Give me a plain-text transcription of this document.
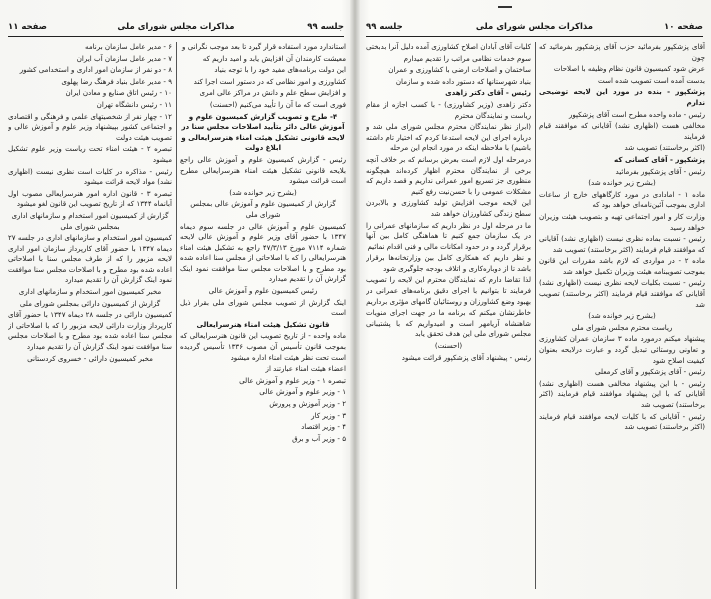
جلسه ۹۹
مذاکرات مجلس شورای ملی
صفحه ۱۱

استاندارد مورد استفاده قرار گیرد تا بعد موجب نگرانی و

معیشت کارمندان آن افزایش یابد و امید داریم که

این دولت برنامه‌های مفید خود را با توجه بنیاد

کشاورزی و امور نظامی که در دستور است اجرا کند

و افزایش سطح علم و دانش در مراکز عالی امری

فوری است که ما آن را تأیید می‌کنیم (احسنت)

۴- طرح و تصویب گزارش کمیسیون علوم و آموزش عالی دائر بتأیید اصلاحات مجلس سنا در لایحه قانونی تشکیل هیئت امناء هنرسرایعالی و ابلاغ دولت

رئیس - گزارش کمیسیون علوم و آموزش عالی راجع بلایحه قانونی تشکیل هیئت امناء هنرسرایعالی مطرح است قرائت میشود

(بشرح زیر خوانده شد)

گزارش از کمیسیون علوم و آموزش عالی بمجلس شورای ملی

کمیسیون علوم و آموزش عالی در جلسه سوم دیماه ۱۳۴۷ با حضور آقای وزیر علوم و آموزش عالی لایحه شماره ۷۱۱۴ مورخ ۴۷/۳/۱۳ راجع به تشکیل هیئت امناء هنرسرایعالی را که با اصلاحاتی از مجلس سنا اعاده شده بود مطرح و با اصلاحات مجلس سنا موافقت نمود اینک گزارش آن را تقدیم میدارد

رئیس کمیسیون علوم و آموزش عالی

اینک گزارش از تصویب مجلس شورای ملی بقرار ذیل است

قانون تشکیل هیئت امناء هنرسرایعالی

ماده واحده - از تاریخ تصویب این قانون هنرسرایعالی که بموجب قانون تأسیس آن مصوب ۱۳۳۶ تأسیس گردیده است تحت نظر هیئت امناء اداره میشود

اعضاء هیئت امناء عبارتند از

تبصره ۱ - وزیر علوم و آموزش عالی

۱ - وزیر علوم و آموزش عالی

۲ - وزیر آموزش و پرورش

۳ - وزیر کار

۴ - وزیر اقتصاد

۵ - وزیر آب و برق

۶ - مدیر عامل سازمان برنامه

۷ - مدیر عامل سازمان آب ایران

۸ - دو نفر از سازمان امور اداری و استخدامی کشور

۹ - مدیر عامل بنیاد فرهنگ رضا پهلوی

۱۰ - رئیس اتاق صنایع و معادن ایران

۱۱ - رئیس دانشگاه تهران

۱۲ - چهار نفر از شخصیتهای علمی و فرهنگی و اقتصادی و اجتماعی کشور بپیشنهاد وزیر علوم و آموزش عالی و تصویب هیئت دولت

تبصره ۲ - هیئت امناء تحت ریاست وزیر علوم تشکیل میشود

رئیس - مذاکره در کلیات است نظری نیست (اظهاری نشد) مواد لایحه قرائت میشود

تبصره ۳ - قانون اداره امور هنرسرایعالی مصوب اول آبانماه ۱۳۴۴ که از تاریخ تصویب این قانون لغو میشود

گزارش از کمیسیون امور استخدام و سازمانهای اداری بمجلس شورای ملی

کمیسیون امور استخدام و سازمانهای اداری در جلسه ۲۷ دیماه ۱۳۴۷ با حضور آقای کارپرداز سازمان امور اداری لایحه مزبور را که از طرف مجلس سنا با اصلاحاتی اعاده شده بود مطرح و با اصلاحات مجلس سنا موافقت نمود اینک گزارش آن را تقدیم میدارد

مخبر کمیسیون امور استخدام و سازمانهای اداری

گزارش از کمیسیون دارائی بمجلس شورای ملی

کمیسیون دارائی در جلسه ۲۸ دیماه ۱۳۴۷ با حضور آقای کارپرداز وزارت دارائی لایحه مزبور را که با اصلاحاتی از مجلس سنا اعاده شده بود مطرح و با اصلاحات مجلس سنا موافقت نمود اینک گزارش آن را تقدیم میدارد

مخبر کمیسیون دارائی - خسروی کردستانی

صفحه ۱۰
مذاکرات مجلس شورای ملی
جلسه ۹۹

آقای پزشکپور بفرمائید حزب آقای پزشکپور بفرمائید که چون

عرض شود کمیسیون قانون نظام وظیفه با اصلاحات

بدست آمده است تصویب شده است

پزشکپور - بنده در مورد این لایحه توضیحی ندارم

رئیس - ماده واحده مطرح است آقای پزشکپور

مخالفی هست (اظهاری نشد) آقایانی که موافقند قیام فرمایند

(اکثر برخاستند) تصویب شد

پزشکپور - آقای کسانی که

رئیس - آقای پزشکپور بفرمائید

(بشرح زیر خوانده شد)

ماده ۱ - امادادی در مورد کارگاههای خارج از ساعات اداری بموجب آئین‌نامه‌ای خواهد بود که

وزارت کار و امور اجتماعی تهیه و بتصویب هیئت وزیران خواهد رسید

رئیس - نسبت بماده نظری نیست (اظهاری نشد) آقایانی که موافقند قیام فرمایند (اکثر برخاستند) تصویب شد

ماده ۲ - در مواردی که لازم باشد مقررات این قانون بموجب تصویبنامه هیئت وزیران تکمیل خواهد شد

رئیس - نسبت بکلیات لایحه نظری نیست (اظهاری نشد) آقایانی که موافقند قیام فرمایند (اکثر برخاستند) تصویب شد

(بشرح زیر خوانده شد)

ریاست محترم مجلس شورای ملی

پیشنهاد میکنم درمورد ماده ۳ سازمان عمران کشاورزی و تعاونی روستائی تبدیل گردد و عبارت درلایحه بعنوان کیفیت اصلاح شود

رئیس - آقای پزشکپور و آقای کرمعلی

رئیس - با این پیشنهاد مخالفی هست (اظهاری نشد) آقایانی که با این پیشنهاد موافقند قیام فرمایند (اکثر برخاستند) تصویب شد

رئیس - آقایانی که با کلیات لایحه موافقند قیام فرمایند (اکثر برخاستند) تصویب شد

کلیات آقای آبادان اصلاح کشاورزی آمده دلیل آنرا بدبختی

سوم خدمات نظامی مراتب را تقدیم میدارم

ساختمان و اصلاحات ارضی با کشاورزی و عمران

بنیاد شهرستانها که دستور داده شده و سازمان

رئیس - آقای دکتر زاهدی

دکتر زاهدی (وزیر کشاورزی) - با کسب اجازه از مقام ریاست و نمایندگان محترم

(ابراز نظر نمایندگان محترم مجلس شورای ملی شد و درباره اجرای این لایحه استدعا کردم که اختیار تام داشته باشیم) با ملاحظه اینکه در مورد انجام این مرحله

درمرحله اول لازم است بعرض برسانم که بر خلاف آنچه برخی از نمایندگان محترم اظهار کرده‌اند هیچگونه منظوری جز تسریع امور عمرانی نداریم و قصد داریم که مشکلات عمومی را با حسن‌نیت رفع کنیم

این لایحه موجب افزایش تولید کشاورزی و بالابردن سطح زندگی کشاورزان خواهد شد

ما در مرحله اول در نظر داریم که سازمانهای عمرانی را در یک سازمان جمع کنیم تا هماهنگی کامل بین آنها برقرار گردد و در حدود امکانات مالی و فنی اقدام نمائیم

و نظر داریم که همکاری کامل بین وزارتخانه‌ها برقرار باشد تا از دوباره‌کاری و اتلاف بودجه جلوگیری شود

لذا تقاضا دارم که نمایندگان محترم این لایحه را تصویب فرمایند تا بتوانیم با اجرای دقیق برنامه‌های عمرانی در بهبود وضع کشاورزان و روستائیان گامهای مؤثری برداریم

خاطرنشان میکنم که برنامه ما در جهت اجرای منویات شاهنشاه آریامهر است و امیدواریم که با پشتیبانی مجلس شورای ملی این هدف تحقق یابد

(احسنت)

رئیس - پیشنهاد آقای پزشکپور قرائت میشود
